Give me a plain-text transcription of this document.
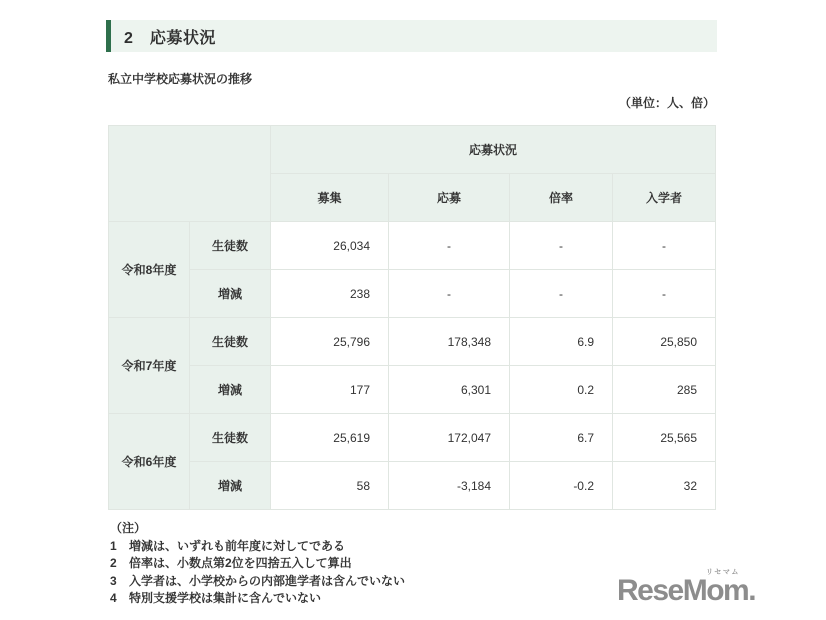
2　応募状況
私立中学校応募状況の推移
（単位：人、倍）
		応募状況			
		募集	応募	倍率	入学者
令和8年度	生徒数	26,034	-	-	-
	増減	238	-	-	-
令和7年度	生徒数	25,796	178,348	6.9	25,850
	増減	177	6,301	0.2	285
令和6年度	生徒数	25,619	172,047	6.7	25,565
	増減	58	-3,184	-0.2	32
（注）
1	増減は、いずれも前年度に対してである
2	倍率は、小数点第2位を四捨五入して算出
3	入学者は、小学校からの内部進学者は含んでいない
4	特別支援学校は集計に含んでいない
リセマム
ReseMom.
